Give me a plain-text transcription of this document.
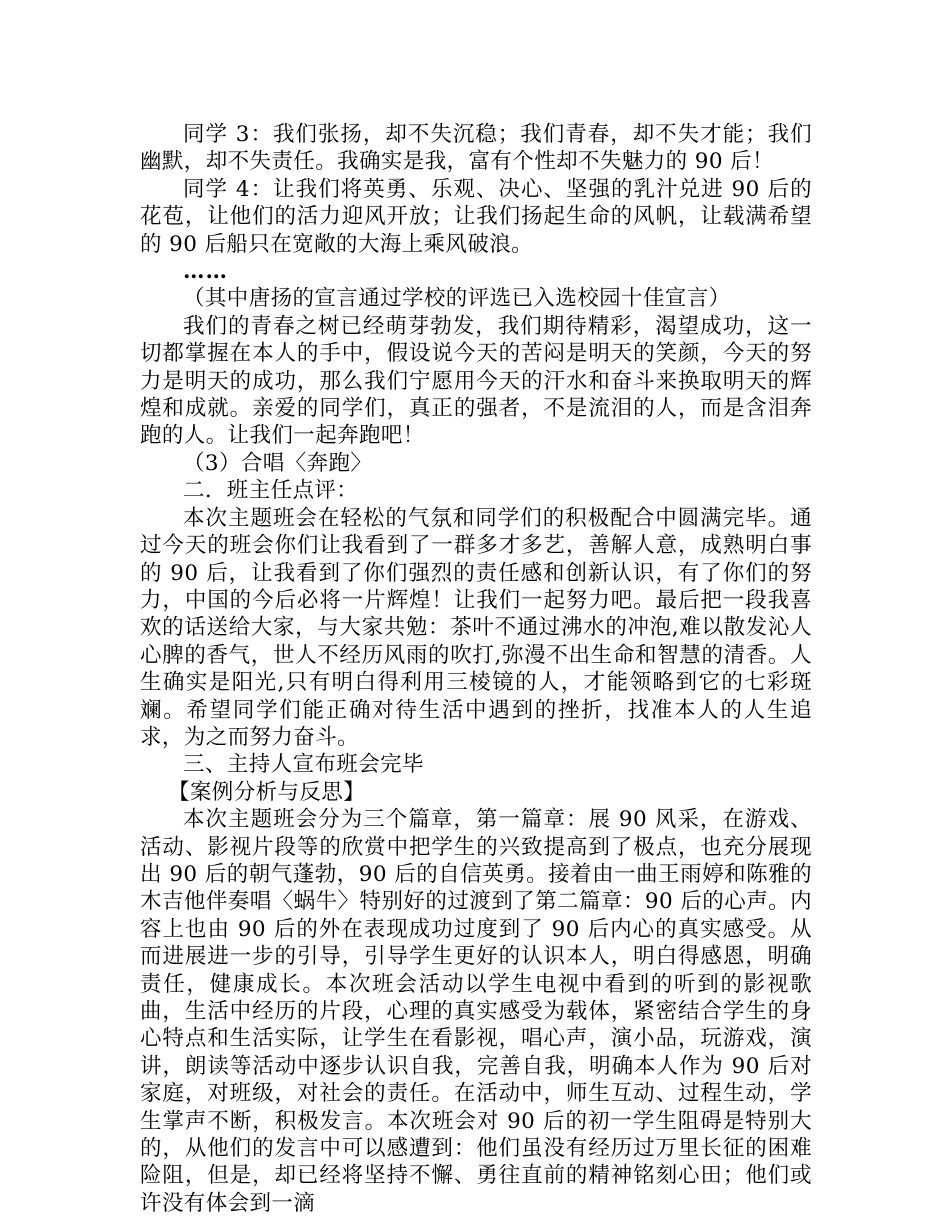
同学 3：我们张扬，却不失沉稳；我们青春，却不失才能；我们幽默，却不失责任。我确实是我，富有个性却不失魅力的 90 后！

同学 4：让我们将英勇、乐观、决心、坚强的乳汁兑进 90 后的花苞，让他们的活力迎风开放；让我们扬起生命的风帆，让载满希望的 90 后船只在宽敞的大海上乘风破浪。

……

（其中唐扬的宣言通过学校的评选已入选校园十佳宣言）

我们的青春之树已经萌芽勃发，我们期待精彩，渴望成功，这一切都掌握在本人的手中，假设说今天的苦闷是明天的笑颜，今天的努力是明天的成功，那么我们宁愿用今天的汗水和奋斗来换取明天的辉煌和成就。亲爱的同学们，真正的强者，不是流泪的人，而是含泪奔跑的人。让我们一起奔跑吧！

（3）合唱〈奔跑〉

二．班主任点评：

本次主题班会在轻松的气氛和同学们的积极配合中圆满完毕。通过今天的班会你们让我看到了一群多才多艺，善解人意，成熟明白事的 90 后，让我看到了你们强烈的责任感和创新认识，有了你们的努力，中国的今后必将一片辉煌！让我们一起努力吧。最后把一段我喜欢的话送给大家，与大家共勉：茶叶不通过沸水的冲泡,难以散发沁人心脾的香气，世人不经历风雨的吹打,弥漫不出生命和智慧的清香。人生确实是阳光,只有明白得利用三棱镜的人，才能领略到它的七彩斑斓。希望同学们能正确对待生活中遇到的挫折，找准本人的人生追求，为之而努力奋斗。

三、主持人宣布班会完毕

【案例分析与反思】

本次主题班会分为三个篇章，第一篇章：展 90 风采，在游戏、活动、影视片段等的欣赏中把学生的兴致提高到了极点，也充分展现出 90 后的朝气蓬勃，90 后的自信英勇。接着由一曲王雨婷和陈雅的木吉他伴奏唱〈蜗牛〉特别好的过渡到了第二篇章：90 后的心声。内容上也由 90 后的外在表现成功过度到了 90 后内心的真实感受。从而进展进一步的引导，引导学生更好的认识本人，明白得感恩，明确责任，健康成长。本次班会活动以学生电视中看到的听到的影视歌曲，生活中经历的片段，心理的真实感受为载体，紧密结合学生的身心特点和生活实际，让学生在看影视，唱心声，演小品，玩游戏，演讲，朗读等活动中逐步认识自我，完善自我，明确本人作为 90 后对家庭，对班级，对社会的责任。在活动中，师生互动、过程生动，学生掌声不断，积极发言。本次班会对 90 后的初一学生阻碍是特别大的，从他们的发言中可以感遭到：他们虽没有经历过万里长征的困难险阻，但是，却已经将坚持不懈、勇往直前的精神铭刻心田；他们或许没有体会到一滴
